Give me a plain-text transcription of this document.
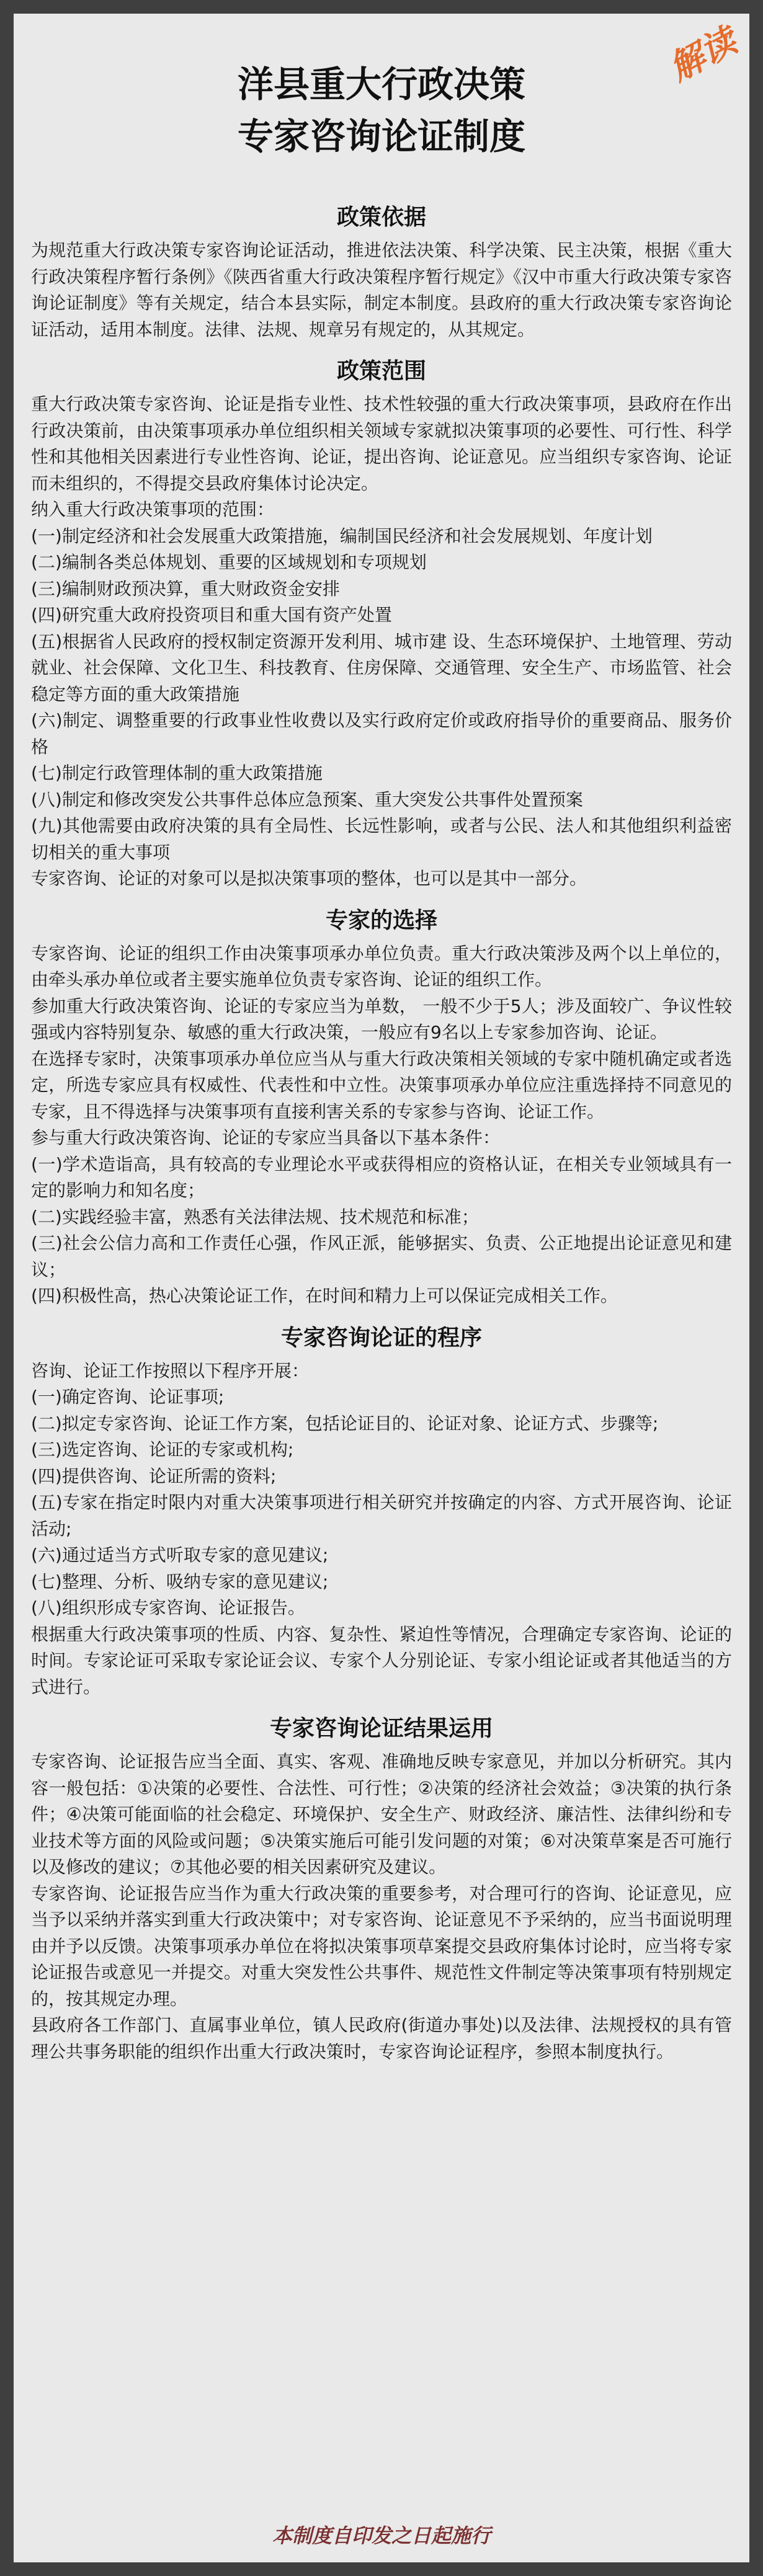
解读
洋县重大行政决策
专家咨询论证制度
政策依据

为规范重大行政决策专家咨询论证活动，推进依法决策、科学决策、民主决策，根据《重大行政决策程序暂行条例》《陕西省重大行政决策程序暂行规定》《汉中市重大行政决策专家咨询论证制度》等有关规定，结合本县实际，制定本制度。县政府的重大行政决策专家咨询论证活动，适用本制度。法律、法规、规章另有规定的，从其规定。

政策范围

重大行政决策专家咨询、论证是指专业性、技术性较强的重大行政决策事项，县政府在作出行政决策前，由决策事项承办单位组织相关领域专家就拟决策事项的必要性、可行性、科学性和其他相关因素进行专业性咨询、论证，提出咨询、论证意见。应当组织专家咨询、论证而未组织的，不得提交县政府集体讨论决定。

纳入重大行政决策事项的范围：

(一)制定经济和社会发展重大政策措施，编制国民经济和社会发展规划、年度计划

(二)编制各类总体规划、重要的区域规划和专项规划

(三)编制财政预决算，重大财政资金安排

(四)研究重大政府投资项目和重大国有资产处置

(五)根据省人民政府的授权制定资源开发利用、城市建 设、生态环境保护、土地管理、劳动就业、社会保障、文化卫生、科技教育、住房保障、交通管理、安全生产、市场监管、社会稳定等方面的重大政策措施

(六)制定、调整重要的行政事业性收费以及实行政府定价或政府指导价的重要商品、服务价格

(七)制定行政管理体制的重大政策措施

(八)制定和修改突发公共事件总体应急预案、重大突发公共事件处置预案

(九)其他需要由政府决策的具有全局性、长远性影响，或者与公民、法人和其他组织利益密切相关的重大事项

专家咨询、论证的对象可以是拟决策事项的整体，也可以是其中一部分。

专家的选择

专家咨询、论证的组织工作由决策事项承办单位负责。重大行政决策涉及两个以上单位的，由牵头承办单位或者主要实施单位负责专家咨询、论证的组织工作。

参加重大行政决策咨询、论证的专家应当为单数， 一般不少于5人；涉及面较广、争议性较强或内容特别复杂、敏感的重大行政决策，一般应有9名以上专家参加咨询、论证。

在选择专家时，决策事项承办单位应当从与重大行政决策相关领域的专家中随机确定或者选定，所选专家应具有权威性、代表性和中立性。决策事项承办单位应注重选择持不同意见的专家，且不得选择与决策事项有直接利害关系的专家参与咨询、论证工作。

参与重大行政决策咨询、论证的专家应当具备以下基本条件：

(一)学术造诣高，具有较高的专业理论水平或获得相应的资格认证，在相关专业领域具有一定的影响力和知名度；

(二)实践经验丰富，熟悉有关法律法规、技术规范和标准；

(三)社会公信力高和工作责任心强，作风正派，能够据实、负责、公正地提出论证意见和建议；

(四)积极性高，热心决策论证工作，在时间和精力上可以保证完成相关工作。

专家咨询论证的程序

咨询、论证工作按照以下程序开展：

(一)确定咨询、论证事项;

(二)拟定专家咨询、论证工作方案，包括论证目的、论证对象、论证方式、步骤等;

(三)选定咨询、论证的专家或机构;

(四)提供咨询、论证所需的资料;

(五)专家在指定时限内对重大决策事项进行相关研究并按确定的内容、方式开展咨询、论证活动;

(六)通过适当方式听取专家的意见建议;

(七)整理、分析、吸纳专家的意见建议;

(八)组织形成专家咨询、论证报告。

根据重大行政决策事项的性质、内容、复杂性、紧迫性等情况，合理确定专家咨询、论证的时间。专家论证可采取专家论证会议、专家个人分别论证、专家小组论证或者其他适当的方式进行。

专家咨询论证结果运用

专家咨询、论证报告应当全面、真实、客观、准确地反映专家意见，并加以分析研究。其内容一般包括：①决策的必要性、合法性、可行性；②决策的经济社会效益；③决策的执行条件；④决策可能面临的社会稳定、环境保护、安全生产、财政经济、廉洁性、法律纠纷和专业技术等方面的风险或问题；⑤决策实施后可能引发问题的对策；⑥对决策草案是否可施行以及修改的建议；⑦其他必要的相关因素研究及建议。

专家咨询、论证报告应当作为重大行政决策的重要参考，对合理可行的咨询、论证意见，应当予以采纳并落实到重大行政决策中；对专家咨询、论证意见不予采纳的，应当书面说明理由并予以反馈。决策事项承办单位在将拟决策事项草案提交县政府集体讨论时，应当将专家论证报告或意见一并提交。对重大突发性公共事件、规范性文件制定等决策事项有特别规定的，按其规定办理。

县政府各工作部门、直属事业单位，镇人民政府(街道办事处)以及法律、法规授权的具有管理公共事务职能的组织作出重大行政决策时，专家咨询论证程序，参照本制度执行。

本制度自印发之日起施行
